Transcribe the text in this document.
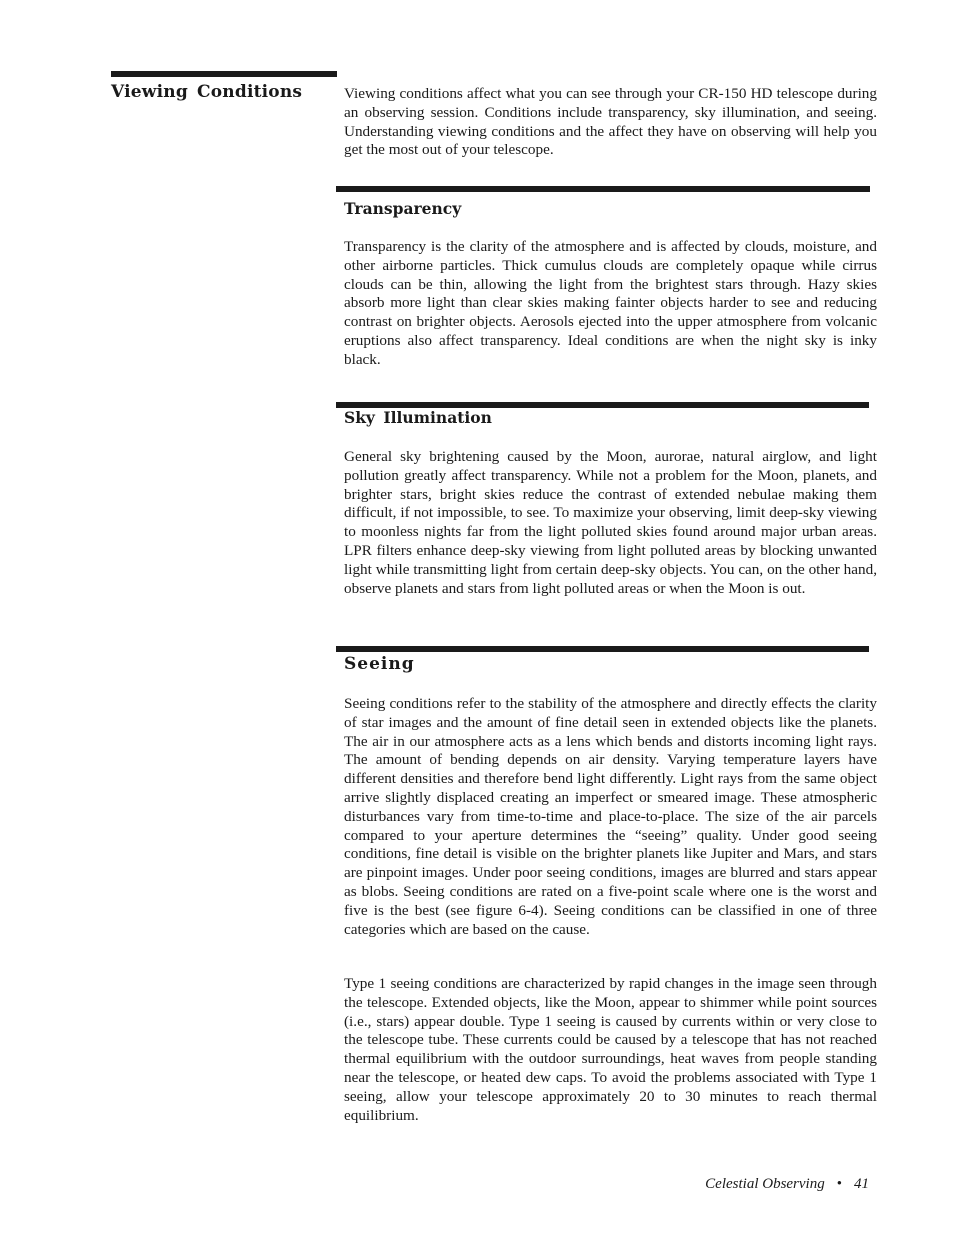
Viewing Conditions	Viewing conditions affect what you can see through your CR-150 HD telescope during an observing session. Conditions include transparency, sky illumination, and seeing. Understanding viewing conditions and the affect they have on observing will help you get the most out of your telescope.

Transparency

Transparency is the clarity of the atmosphere and is affected by clouds, moisture, and other airborne particles. Thick cumulus clouds are completely opaque while cirrus clouds can be thin, allowing the light from the brightest stars through. Hazy skies absorb more light than clear skies making fainter objects harder to see and reducing contrast on brighter objects. Aerosols ejected into the upper atmosphere from volcanic eruptions also affect transparency. Ideal conditions are when the night sky is inky black.

Sky Illumination

General sky brightening caused by the Moon, aurorae, natural airglow, and light pollution greatly affect transparency. While not a problem for the Moon, planets, and brighter stars, bright skies reduce the contrast of extended nebulae making them difficult, if not impossible, to see. To maximize your observing, limit deep-sky viewing to moonless nights far from the light polluted skies found around major urban areas. LPR filters enhance deep-sky viewing from light polluted areas by blocking unwanted light while transmitting light from certain deep-sky objects. You can, on the other hand, observe planets and stars from light polluted areas or when the Moon is out.

Seeing

Seeing conditions refer to the stability of the atmosphere and directly effects the clarity of star images and the amount of fine detail seen in extended objects like the planets. The air in our atmosphere acts as a lens which bends and distorts incoming light rays. The amount of bending depends on air density. Varying temperature layers have different densities and therefore bend light differently. Light rays from the same object arrive slightly displaced creating an imperfect or smeared image. These atmospheric disturbances vary from time-to-time and place-to-place. The size of the air parcels compared to your aperture determines the “seeing” quality. Under good seeing conditions, fine detail is visible on the brighter planets like Jupiter and Mars, and stars are pinpoint images. Under poor seeing conditions, images are blurred and stars appear as blobs. Seeing conditions are rated on a five-point scale where one is the worst and five is the best (see figure 6-4). Seeing conditions can be classified in one of three categories which are based on the cause.

Type 1 seeing conditions are characterized by rapid changes in the image seen through the telescope. Extended objects, like the Moon, appear to shimmer while point sources (i.e., stars) appear double. Type 1 seeing is caused by currents within or very close to the telescope tube. These currents could be caused by a telescope that has not reached thermal equilibrium with the outdoor surroundings, heat waves from people standing near the telescope, or heated dew caps. To avoid the problems associated with Type 1 seeing, allow your telescope approximately 20 to 30 minutes to reach thermal equilibrium.

Celestial Observing • 41
